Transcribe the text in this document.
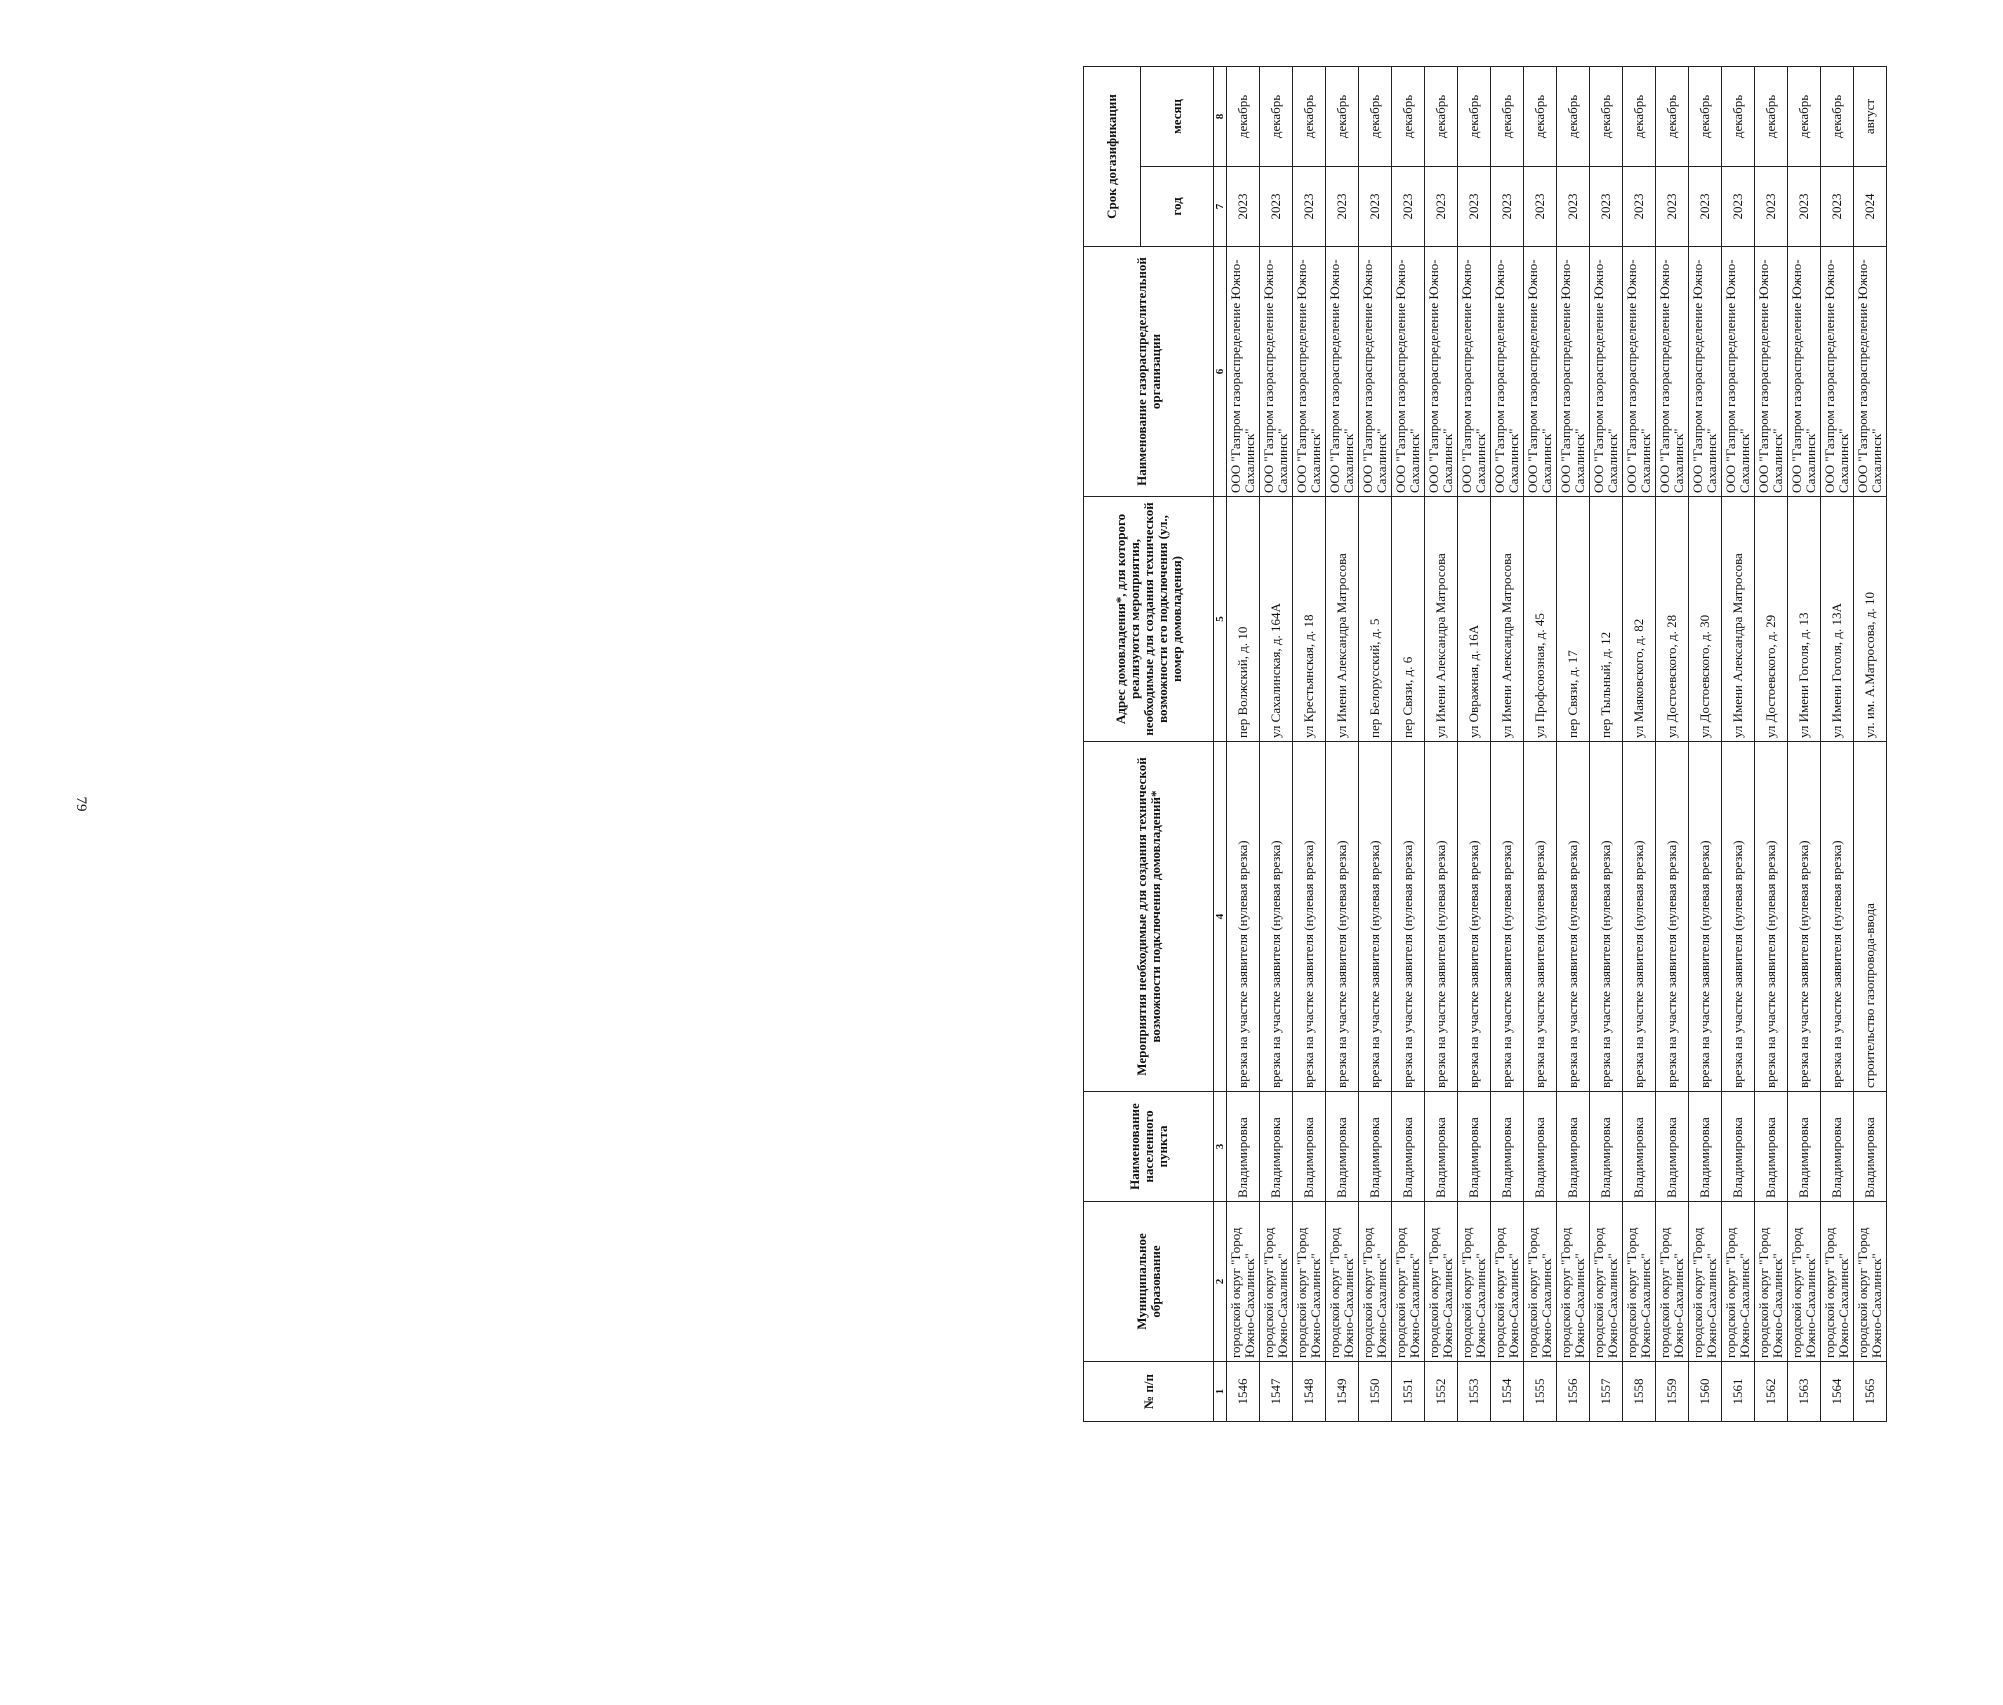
79
№ п/п	Муниципальное образование	Наименование населенного пункта	Мероприятия необходимые для создания технической возможности подключения домовладений*	Адрес домовладения*, для которого реализуются мероприятия, необходимые для создания технической возможности его подключения (ул., номер домовладения)	Наименование газораспределительной организации	Срок догазификации	
						год	месяц
1	2	3	4	5	6	7	8
1546	городской округ "Город Южно-Сахалинск"	Владимировка	врезка на участке заявителя (нулевая врезка)	пер Волжский, д. 10	ООО "Газпром газораспределение Южно-Сахалинск"	2023	декабрь
1547	городской округ "Город Южно-Сахалинск"	Владимировка	врезка на участке заявителя (нулевая врезка)	ул Сахалинская, д. 164А	ООО "Газпром газораспределение Южно-Сахалинск"	2023	декабрь
1548	городской округ "Город Южно-Сахалинск"	Владимировка	врезка на участке заявителя (нулевая врезка)	ул Крестьянская, д. 18	ООО "Газпром газораспределение Южно-Сахалинск"	2023	декабрь
1549	городской округ "Город Южно-Сахалинск"	Владимировка	врезка на участке заявителя (нулевая врезка)	ул Имени Александра Матросова	ООО "Газпром газораспределение Южно-Сахалинск"	2023	декабрь
1550	городской округ "Город Южно-Сахалинск"	Владимировка	врезка на участке заявителя (нулевая врезка)	пер Белорусский, д. 5	ООО "Газпром газораспределение Южно-Сахалинск"	2023	декабрь
1551	городской округ "Город Южно-Сахалинск"	Владимировка	врезка на участке заявителя (нулевая врезка)	пер Связи, д. 6	ООО "Газпром газораспределение Южно-Сахалинск"	2023	декабрь
1552	городской округ "Город Южно-Сахалинск"	Владимировка	врезка на участке заявителя (нулевая врезка)	ул Имени Александра Матросова	ООО "Газпром газораспределение Южно-Сахалинск"	2023	декабрь
1553	городской округ "Город Южно-Сахалинск"	Владимировка	врезка на участке заявителя (нулевая врезка)	ул Овражная, д. 16А	ООО "Газпром газораспределение Южно-Сахалинск"	2023	декабрь
1554	городской округ "Город Южно-Сахалинск"	Владимировка	врезка на участке заявителя (нулевая врезка)	ул Имени Александра Матросова	ООО "Газпром газораспределение Южно-Сахалинск"	2023	декабрь
1555	городской округ "Город Южно-Сахалинск"	Владимировка	врезка на участке заявителя (нулевая врезка)	ул Профсоюзная, д. 45	ООО "Газпром газораспределение Южно-Сахалинск"	2023	декабрь
1556	городской округ "Город Южно-Сахалинск"	Владимировка	врезка на участке заявителя (нулевая врезка)	пер Связи, д. 17	ООО "Газпром газораспределение Южно-Сахалинск"	2023	декабрь
1557	городской округ "Город Южно-Сахалинск"	Владимировка	врезка на участке заявителя (нулевая врезка)	пер Тыльный, д. 12	ООО "Газпром газораспределение Южно-Сахалинск"	2023	декабрь
1558	городской округ "Город Южно-Сахалинск"	Владимировка	врезка на участке заявителя (нулевая врезка)	ул Маяковского, д. 82	ООО "Газпром газораспределение Южно-Сахалинск"	2023	декабрь
1559	городской округ "Город Южно-Сахалинск"	Владимировка	врезка на участке заявителя (нулевая врезка)	ул Достоевского, д. 28	ООО "Газпром газораспределение Южно-Сахалинск"	2023	декабрь
1560	городской округ "Город Южно-Сахалинск"	Владимировка	врезка на участке заявителя (нулевая врезка)	ул Достоевского, д. 30	ООО "Газпром газораспределение Южно-Сахалинск"	2023	декабрь
1561	городской округ "Город Южно-Сахалинск"	Владимировка	врезка на участке заявителя (нулевая врезка)	ул Имени Александра Матросова	ООО "Газпром газораспределение Южно-Сахалинск"	2023	декабрь
1562	городской округ "Город Южно-Сахалинск"	Владимировка	врезка на участке заявителя (нулевая врезка)	ул Достоевского, д. 29	ООО "Газпром газораспределение Южно-Сахалинск"	2023	декабрь
1563	городской округ "Город Южно-Сахалинск"	Владимировка	врезка на участке заявителя (нулевая врезка)	ул Имени Гоголя, д. 13	ООО "Газпром газораспределение Южно-Сахалинск"	2023	декабрь
1564	городской округ "Город Южно-Сахалинск"	Владимировка	врезка на участке заявителя (нулевая врезка)	ул Имени Гоголя, д. 13А	ООО "Газпром газораспределение Южно-Сахалинск"	2023	декабрь
1565	городской округ "Город Южно-Сахалинск"	Владимировка	строительство газопровода-ввода	ул. им. А.Матросова, д. 10	ООО "Газпром газораспределение Южно-Сахалинск"	2024	август
